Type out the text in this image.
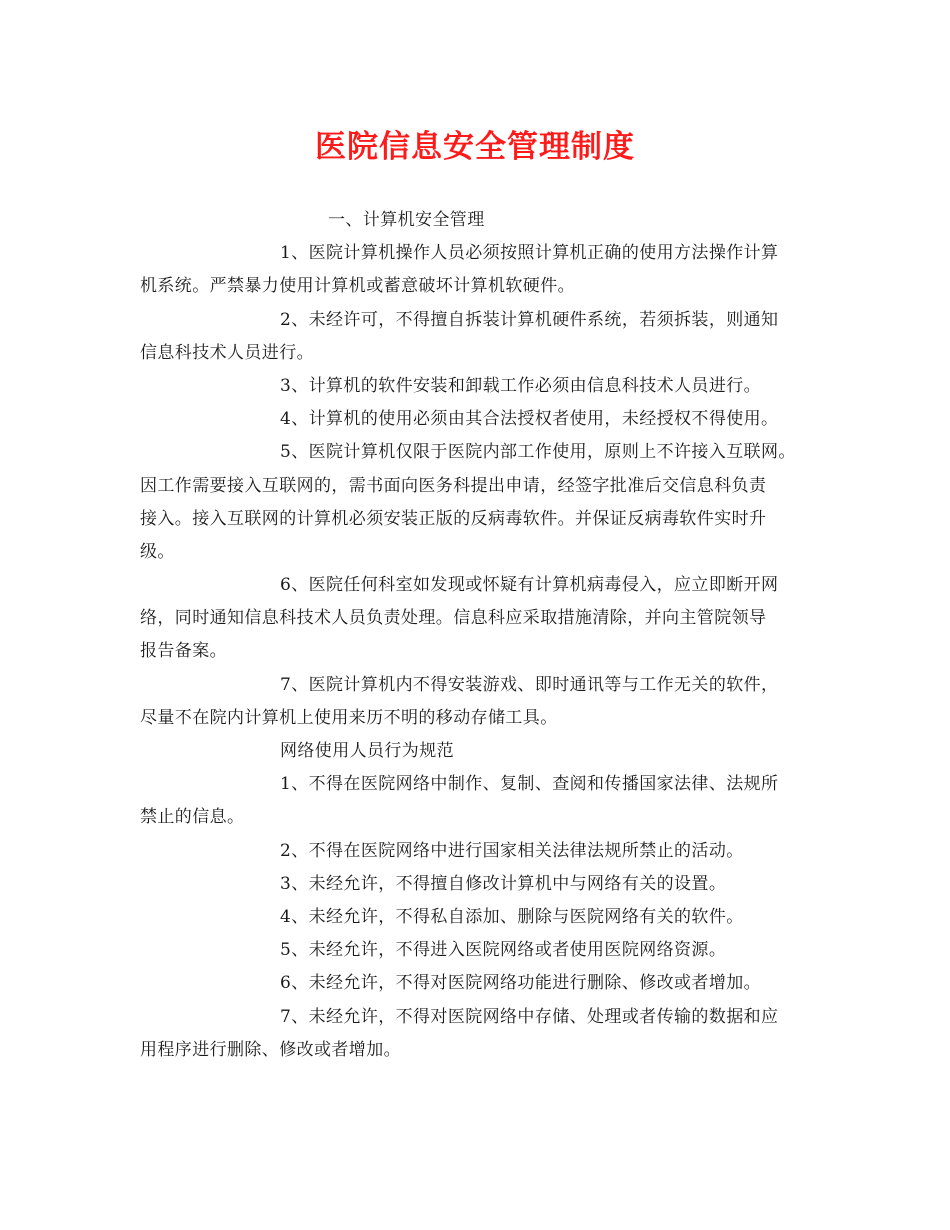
医院信息安全管理制度
一、计算机安全管理
1、医院计算机操作人员必须按照计算机正确的使用方法操作计算
机系统。严禁暴力使用计算机或蓄意破坏计算机软硬件。
2、未经许可，不得擅自拆装计算机硬件系统，若须拆装，则通知
信息科技术人员进行。
3、计算机的软件安装和卸载工作必须由信息科技术人员进行。
4、计算机的使用必须由其合法授权者使用，未经授权不得使用。
5、医院计算机仅限于医院内部工作使用，原则上不许接入互联网。
因工作需要接入互联网的，需书面向医务科提出申请，经签字批准后交信息科负责
接入。接入互联网的计算机必须安装正版的反病毒软件。并保证反病毒软件实时升
级。
6、医院任何科室如发现或怀疑有计算机病毒侵入，应立即断开网
络，同时通知信息科技术人员负责处理。信息科应采取措施清除，并向主管院领导
报告备案。
7、医院计算机内不得安装游戏、即时通讯等与工作无关的软件，
尽量不在院内计算机上使用来历不明的移动存储工具。
网络使用人员行为规范
1、不得在医院网络中制作、复制、查阅和传播国家法律、法规所
禁止的信息。
2、不得在医院网络中进行国家相关法律法规所禁止的活动。
3、未经允许，不得擅自修改计算机中与网络有关的设置。
4、未经允许，不得私自添加、删除与医院网络有关的软件。
5、未经允许，不得进入医院网络或者使用医院网络资源。
6、未经允许，不得对医院网络功能进行删除、修改或者增加。
7、未经允许，不得对医院网络中存储、处理或者传输的数据和应
用程序进行删除、修改或者增加。
